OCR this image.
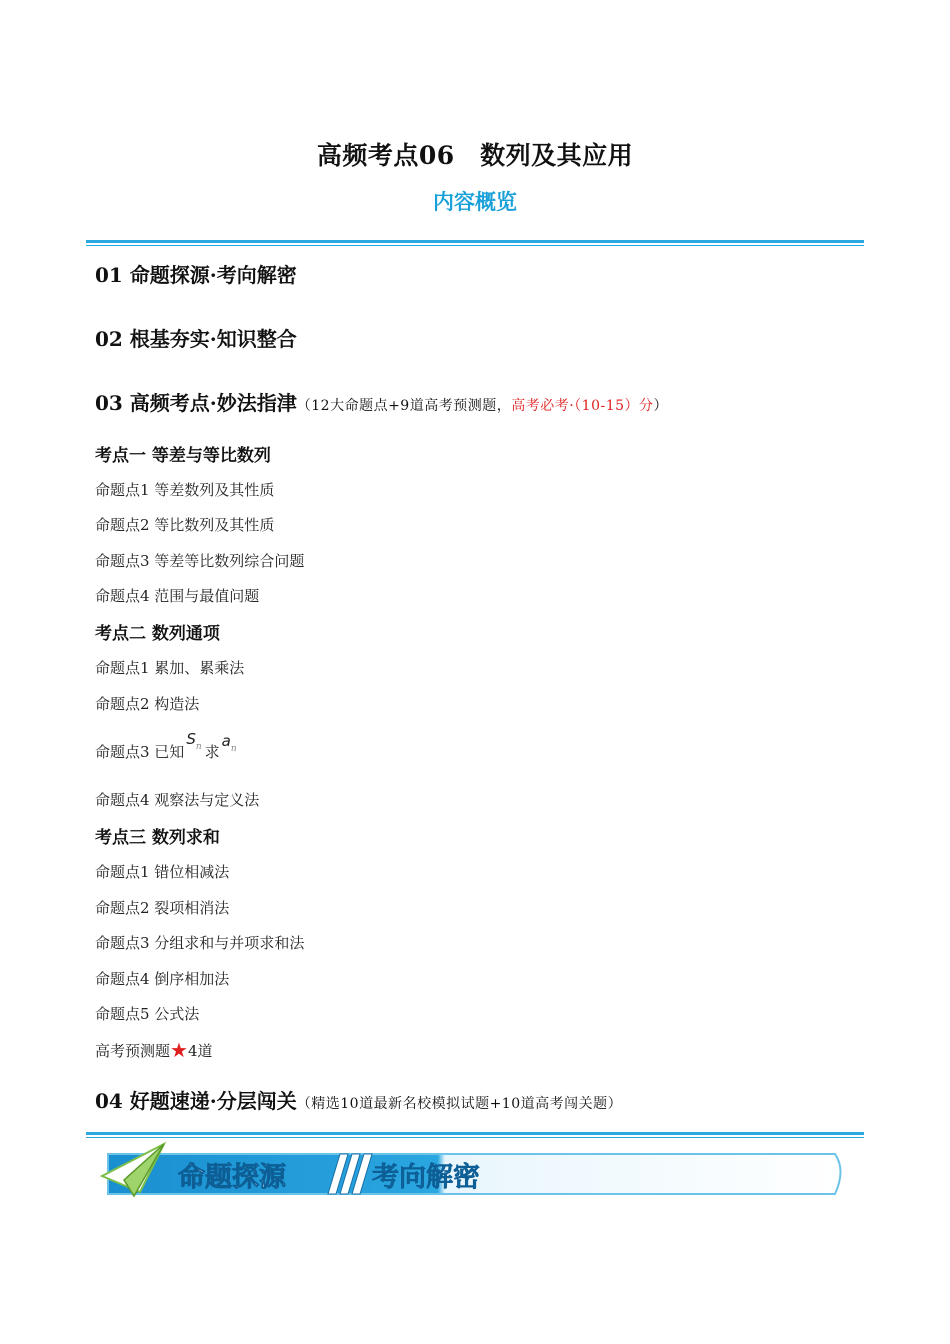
高频考点06　数列及其应用
内容概览
01 命题探源·考向解密
02 根基夯实·知识整合
03 高频考点·妙法指津（12大命题点+9道高考预测题，高考必考·（10-15）分）
考点一 等差与等比数列
命题点1 等差数列及其性质
命题点2 等比数列及其性质
命题点3 等差等比数列综合问题
命题点4 范围与最值问题
考点二 数列通项
命题点1 累加、累乘法
命题点2 构造法
命题点3 已知$S^n$ 求$a^n$
命题点4 观察法与定义法
考点三 数列求和
命题点1 错位相减法
命题点2 裂项相消法
命题点3 分组求和与并项求和法
命题点4 倒序相加法
命题点5 公式法
高考预测题★4道
04 好题速递·分层闯关（精选10道最新名校模拟试题+10道高考闯关题）
命题探源	考向解密
